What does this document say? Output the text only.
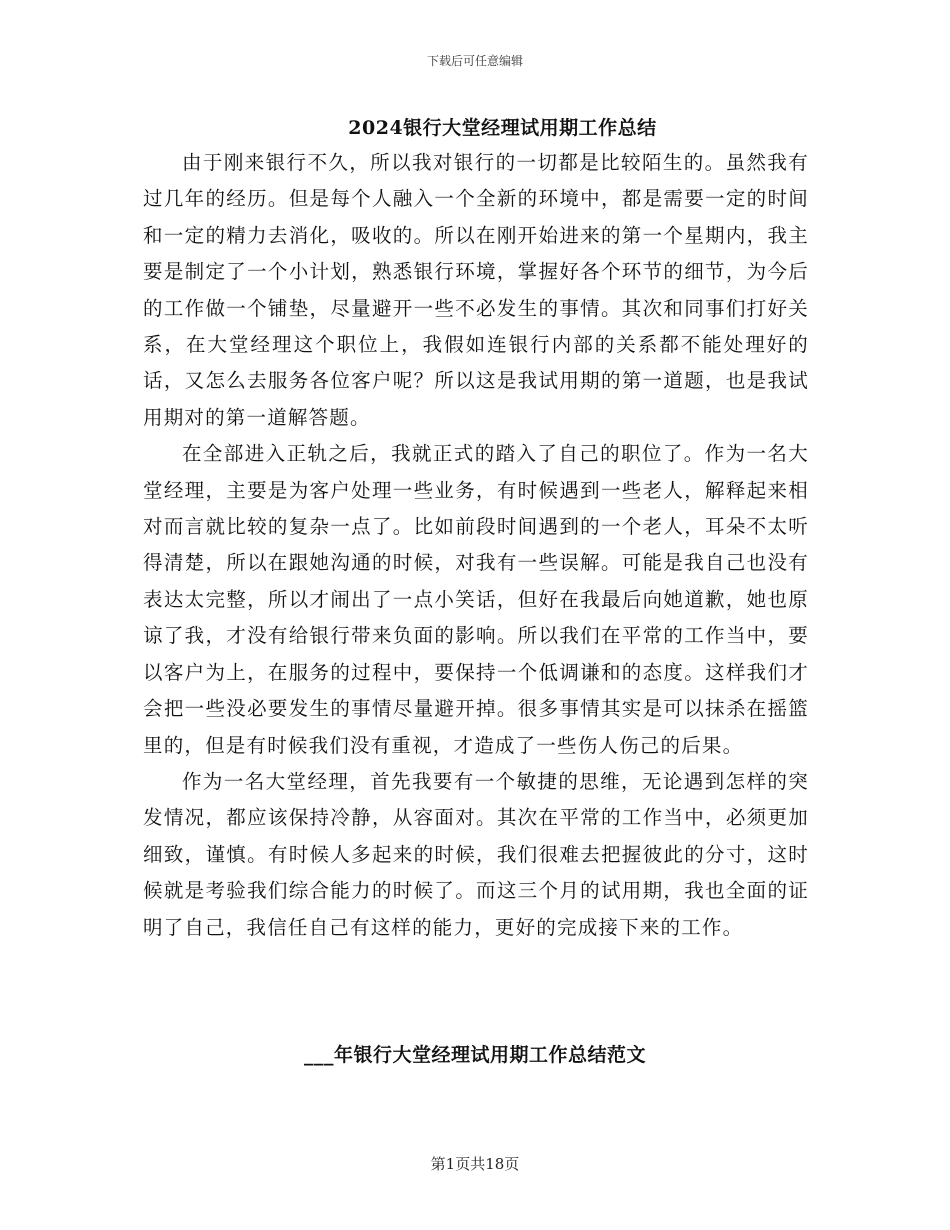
下载后可任意编辑
2024银行大堂经理试用期工作总结

由于刚来银行不久，所以我对银行的一切都是比较陌生的。虽然我有过几年的经历。但是每个人融入一个全新的环境中，都是需要一定的时间和一定的精力去消化，吸收的。所以在刚开始进来的第一个星期内，我主要是制定了一个小计划，熟悉银行环境，掌握好各个环节的细节，为今后的工作做一个铺垫，尽量避开一些不必发生的事情。其次和同事们打好关系，在大堂经理这个职位上，我假如连银行内部的关系都不能处理好的话，又怎么去服务各位客户呢？所以这是我试用期的第一道题，也是我试用期对的第一道解答题。

在全部进入正轨之后，我就正式的踏入了自己的职位了。作为一名大堂经理，主要是为客户处理一些业务，有时候遇到一些老人，解释起来相对而言就比较的复杂一点了。比如前段时间遇到的一个老人，耳朵不太听得清楚，所以在跟她沟通的时候，对我有一些误解。可能是我自己也没有表达太完整，所以才闹出了一点小笑话，但好在我最后向她道歉，她也原谅了我，才没有给银行带来负面的影响。所以我们在平常的工作当中，要以客户为上，在服务的过程中，要保持一个低调谦和的态度。这样我们才会把一些没必要发生的事情尽量避开掉。很多事情其实是可以抹杀在摇篮里的，但是有时候我们没有重视，才造成了一些伤人伤己的后果。

作为一名大堂经理，首先我要有一个敏捷的思维，无论遇到怎样的突发情况，都应该保持冷静，从容面对。其次在平常的工作当中，必须更加细致，谨慎。有时候人多起来的时候，我们很难去把握彼此的分寸，这时候就是考验我们综合能力的时候了。而这三个月的试用期，我也全面的证明了自己，我信任自己有这样的能力，更好的完成接下来的工作。

___年银行大堂经理试用期工作总结范文
第1页共18页
